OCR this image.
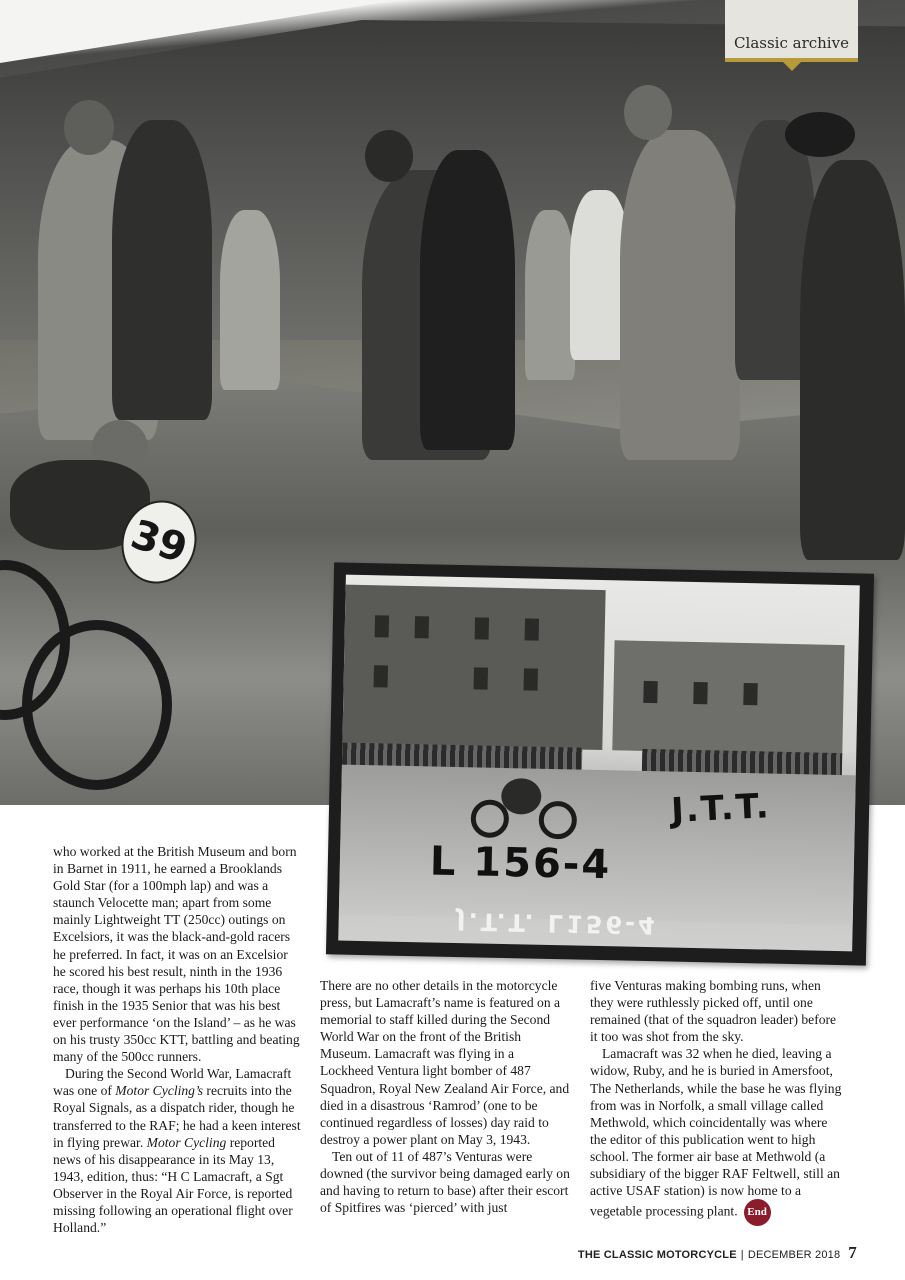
39
Classic archive
J.T.T.
L 156-4
J.T.T. L156-4

who worked at the British Museum and born in Barnet in 1911, he earned a Brooklands Gold Star (for a 100mph lap) and was a staunch Velocette man; apart from some mainly Lightweight TT (250cc) outings on Excelsiors, it was the black-and-gold racers he preferred. In fact, it was on an Excelsior he scored his best result, ninth in the 1936 race, though it was perhaps his 10th place finish in the 1935 Senior that was his best ever performance ‘on the Island’ – as he was on his trusty 350cc KTT, battling and beating many of the 500cc runners.

During the Second World War, Lamacraft was one of Motor Cycling’s recruits into the Royal Signals, as a dispatch rider, though he transferred to the RAF; he had a keen interest in flying prewar. Motor Cycling reported news of his disappearance in its May 13, 1943, edition, thus: “H C Lamacraft, a Sgt Observer in the Royal Air Force, is reported missing following an operational flight over Holland.”

There are no other details in the motorcycle press, but Lamacraft’s name is featured on a memorial to staff killed during the Second World War on the front of the British Museum. Lamacraft was flying in a Lockheed Ventura light bomber of 487 Squadron, Royal New Zealand Air Force, and died in a disastrous ‘Ramrod’ (one to be continued regardless of losses) day raid to destroy a power plant on May 3, 1943.

Ten out of 11 of 487’s Venturas were downed (the survivor being damaged early on and having to return to base) after their escort of Spitfires was ‘pierced’ with just

five Venturas making bombing runs, when they were ruthlessly picked off, until one remained (that of the squadron leader) before it too was shot from the sky.

Lamacraft was 32 when he died, leaving a widow, Ruby, and he is buried in Amersfoot, The Netherlands, while the base he was flying from was in Norfolk, a small village called Methwold, which coincidentally was where the editor of this publication went to high school. The former air base at Methwold (a subsidiary of the bigger RAF Feltwell, still an active USAF station) is now home to a vegetable processing plant. End

THE CLASSIC MOTORCYCLE | DECEMBER 2018 7
